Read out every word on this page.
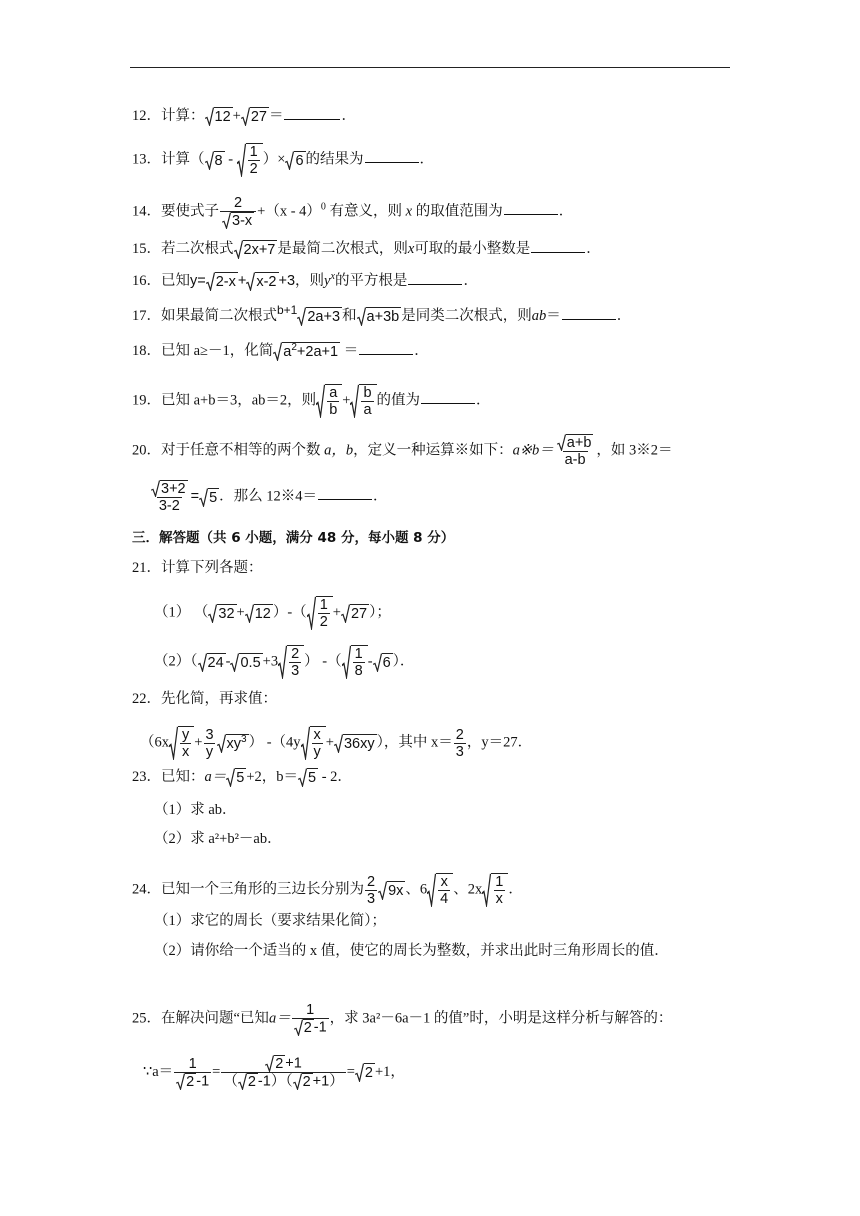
12．计算： 12 + 27 ＝	．
13．计算（ $8 - \frac{1}{2}$ ）× 6 的结果为	．
14．要使式子 $\frac{2}{3-x} +(x - 4)^0$ 有意义，则 x 的取值范围为	．
15．若二次根式 2x+7 是最简二次根式，则x可取的最小整数是	．
16．已知y= 2-x + x-2 +3，则$y^x$的平方根是	．
17．如果最简二次根式$^{b+1}$ 2a+3 和 a+3b 是同类二次根式，则ab＝	．
18．已知 a≥－1，化简 $a^2+2a+1$ ＝	．
19．已知 a+b＝3，ab＝2，则 $\frac{a}{b} + \frac{b}{a}$ 的值为	．
20．对于任意不相等的两个数 a，b，定义一种运算※如下：a※b＝ $\frac{a+b}{a-b}$ ，如 3※2＝
$\frac{3+2}{3-2} = 5$ ．那么 12※4＝	．
三．解答题（共 6 小题，满分 48 分，每小题 8 分）
21．计算下列各题：
（1） （ 32 + 12 ）-（ $\frac{1}{2} + 27$ ）；
（2）（ $24 - 0.5 +3 \frac{2}{3}$ ） -（ $\frac{1}{8} - 6$ ）．
22．先化简，再求值：
（$6x \frac{y}{x} + \frac{3}{y} xy^3$ ） $-(4y \frac{x}{y} + 36xy$ ），其中 $x= \frac{2}{3}$ ，y＝27．
23．已知：a＝ 5 +2，b＝ 5 - 2．
（1）求 ab．
（2）求 a²+b²－ab．
24．已知一个三角形的三边长分别为 $\frac{2}{3} 9x$ 、$6 \frac{x}{4}$ 、$2x \frac{1}{x}$ ．
（1）求它的周长（要求结果化简）；
（2）请你给一个适当的 x 值，使它的周长为整数，并求出此时三角形周长的值．
25．在解决问题“已知$a= \frac{1}{2 -1}$ ，求 3a²－6a－1 的值”时，小明是这样分析与解答的：
∵a＝ $\frac{1}{2 -1} = \frac{2 +1}{( 2 -1)( 2 +1)} = 2 +1$，
